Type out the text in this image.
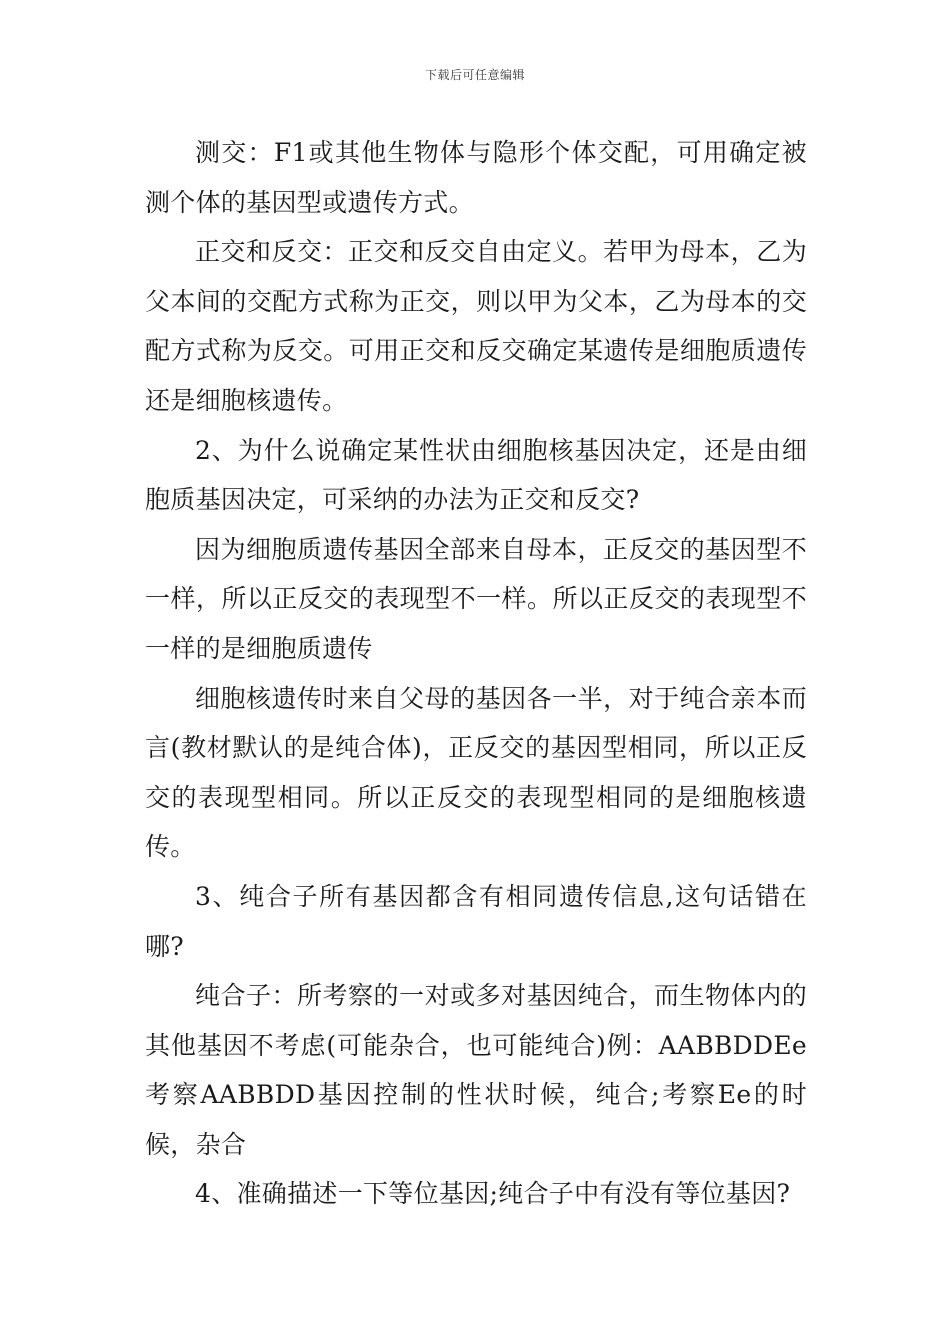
下载后可任意编辑

测交：F1或其他生物体与隐形个体交配，可用确定被测个体的基因型或遗传方式。

正交和反交：正交和反交自由定义。若甲为母本，乙为父本间的交配方式称为正交，则以甲为父本，乙为母本的交配方式称为反交。可用正交和反交确定某遗传是细胞质遗传还是细胞核遗传。

2、为什么说确定某性状由细胞核基因决定，还是由细胞质基因决定，可采纳的办法为正交和反交?

因为细胞质遗传基因全部来自母本，正反交的基因型不一样，所以正反交的表现型不一样。所以正反交的表现型不一样的是细胞质遗传

细胞核遗传时来自父母的基因各一半，对于纯合亲本而言(教材默认的是纯合体)，正反交的基因型相同，所以正反交的表现型相同。所以正反交的表现型相同的是细胞核遗传。

3、纯合子所有基因都含有相同遗传信息,这句话错在哪?

纯合子：所考察的一对或多对基因纯合，而生物体内的其他基因不考虑(可能杂合，也可能纯合)例：AABBDDEe考察AABBDD基因控制的性状时候，纯合;考察Ee的时候，杂合

4、准确描述一下等位基因;纯合子中有没有等位基因?
